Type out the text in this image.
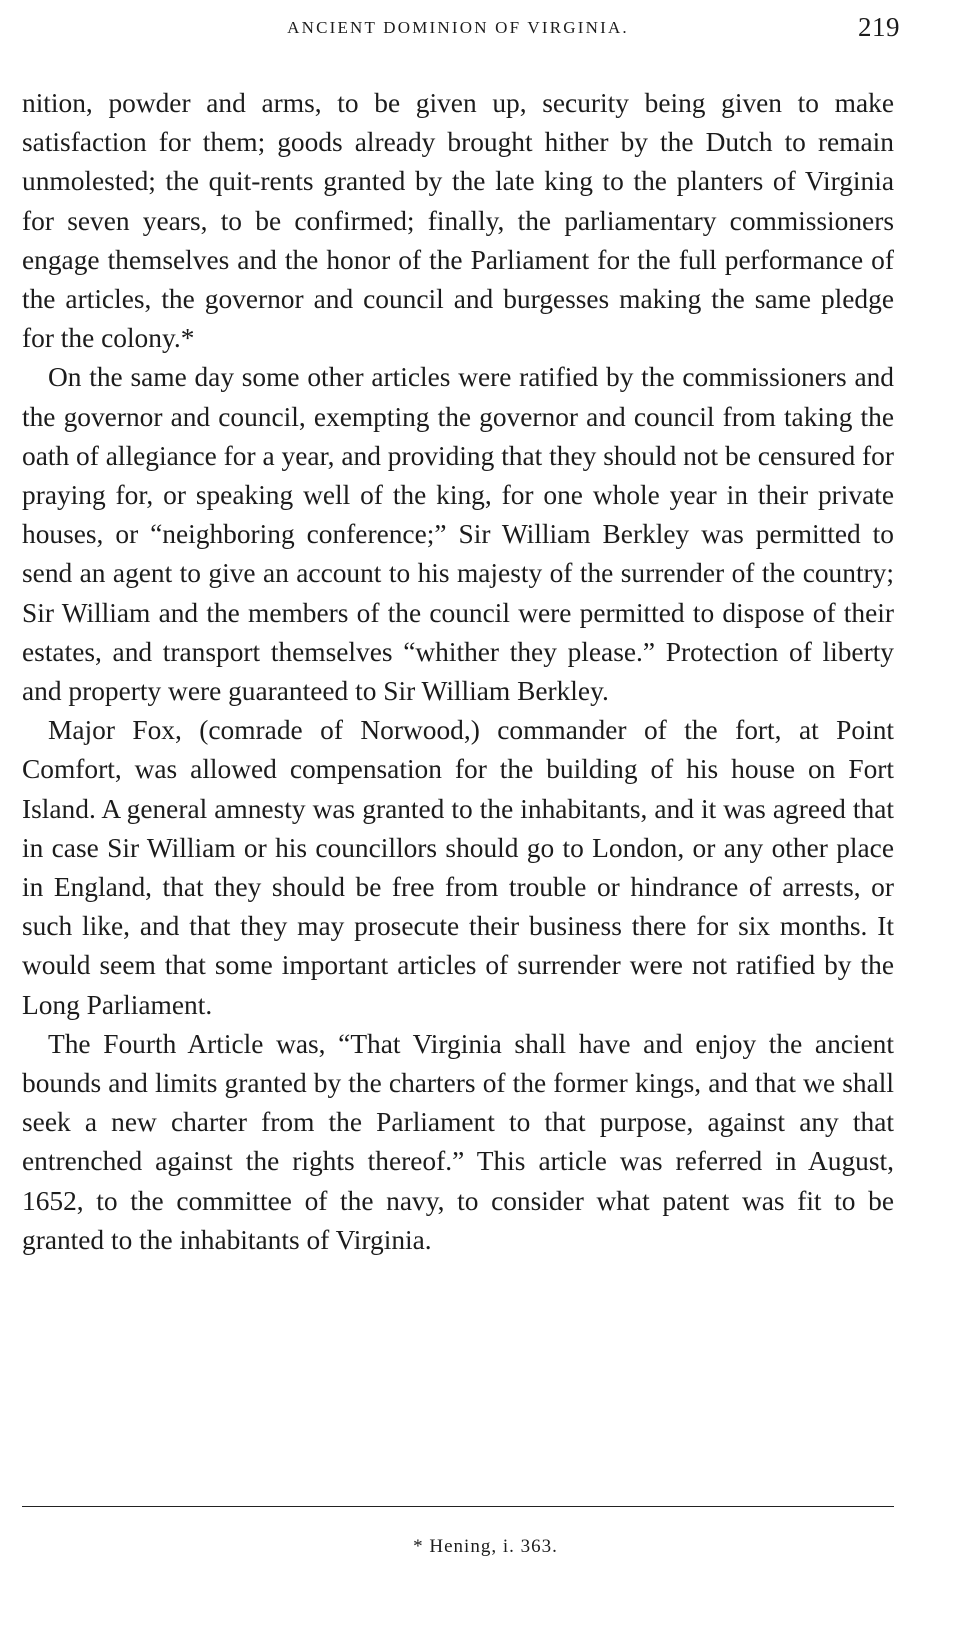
ANCIENT DOMINION OF VIRGINIA.	219

nition, powder and arms, to be given up, security being given to make satisfaction for them; goods already brought hither by the Dutch to remain unmolested; the quit-rents granted by the late king to the planters of Virginia for seven years, to be confirmed; finally, the parliamentary commissioners engage themselves and the honor of the Parliament for the full performance of the articles, the governor and council and burgesses making the same pledge for the colony.*

On the same day some other articles were ratified by the commissioners and the governor and council, exempting the governor and council from taking the oath of allegiance for a year, and providing that they should not be censured for praying for, or speaking well of the king, for one whole year in their private houses, or “neighboring conference;” Sir William Berkley was permitted to send an agent to give an account to his majesty of the surrender of the country; Sir William and the members of the council were permitted to dispose of their estates, and transport themselves “whither they please.” Protection of liberty and property were guaranteed to Sir William Berkley.

Major Fox, (comrade of Norwood,) commander of the fort, at Point Comfort, was allowed compensation for the building of his house on Fort Island. A general amnesty was granted to the inhabitants, and it was agreed that in case Sir William or his councillors should go to London, or any other place in England, that they should be free from trouble or hindrance of arrests, or such like, and that they may prosecute their business there for six months. It would seem that some important articles of surrender were not ratified by the Long Parliament.

The Fourth Article was, “That Virginia shall have and enjoy the ancient bounds and limits granted by the charters of the former kings, and that we shall seek a new charter from the Parliament to that purpose, against any that entrenched against the rights thereof.” This article was referred in August, 1652, to the committee of the navy, to consider what patent was fit to be granted to the inhabitants of Virginia.

* Hening, i. 363.
